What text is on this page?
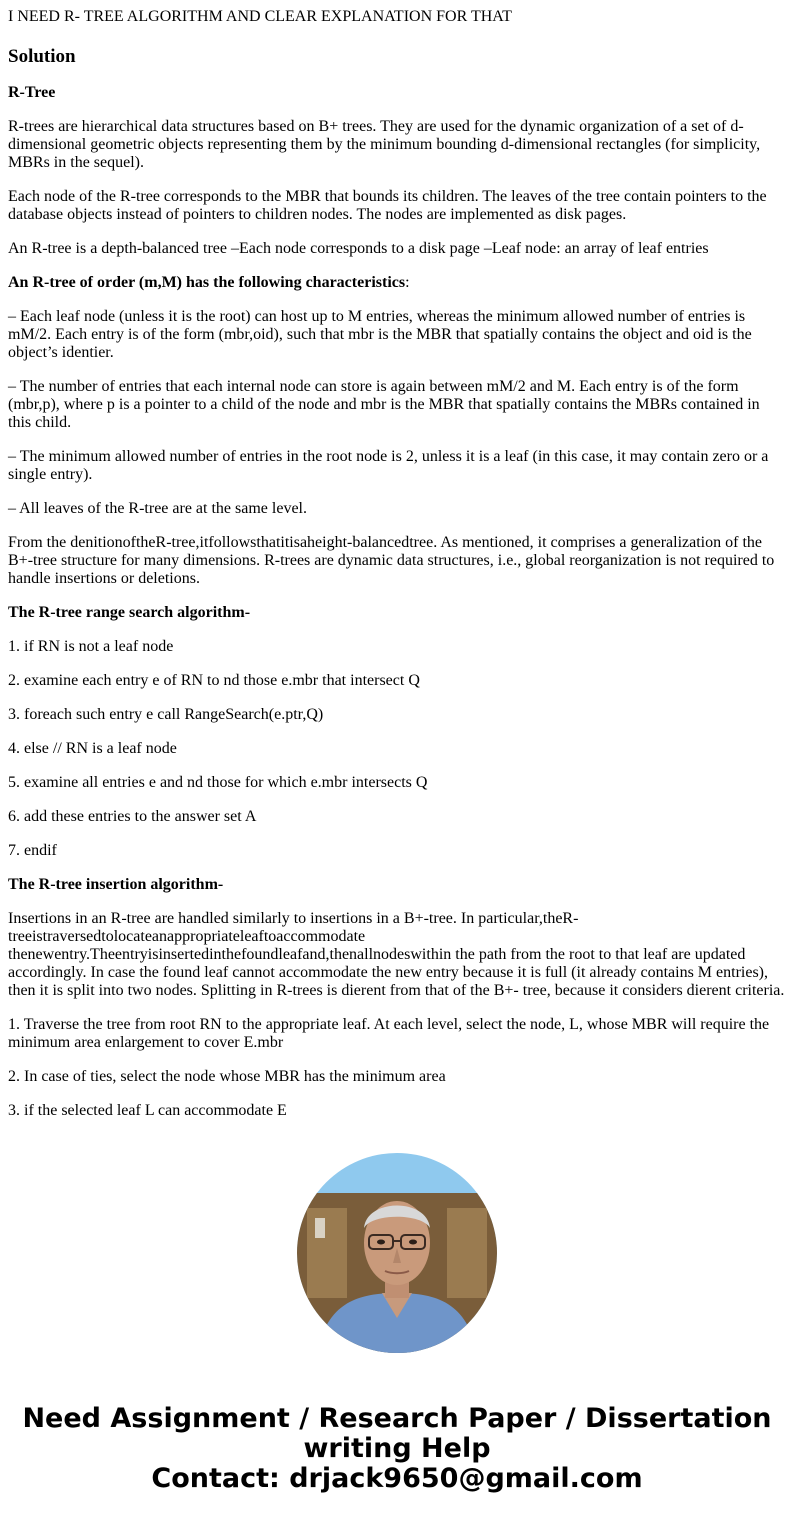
I NEED R- TREE ALGORITHM AND CLEAR EXPLANATION FOR THAT
Solution

R-Tree

R-trees are hierarchical data structures based on B+ trees. They are used for the dynamic organization of a set of d-dimensional geometric objects representing them by the minimum bounding d-dimensional rectangles (for simplicity, MBRs in the sequel).

Each node of the R-tree corresponds to the MBR that bounds its children. The leaves of the tree contain pointers to the database objects instead of pointers to children nodes. The nodes are implemented as disk pages.

An R-tree is a depth-balanced tree –Each node corresponds to a disk page –Leaf node: an array of leaf entries

An R-tree of order (m,M) has the following characteristics:

– Each leaf node (unless it is the root) can host up to M entries, whereas the minimum allowed number of entries is mM/2. Each entry is of the form (mbr,oid), such that mbr is the MBR that spatially contains the object and oid is the object’s identier.

– The number of entries that each internal node can store is again between mM/2 and M. Each entry is of the form (mbr,p), where p is a pointer to a child of the node and mbr is the MBR that spatially contains the MBRs contained in this child.

– The minimum allowed number of entries in the root node is 2, unless it is a leaf (in this case, it may contain zero or a single entry).

– All leaves of the R-tree are at the same level.

From the denitionoftheR-tree,itfollowsthatitisaheight-balancedtree. As mentioned, it comprises a generalization of the B+-tree structure for many dimensions. R-trees are dynamic data structures, i.e., global reorganization is not required to handle insertions or deletions.

The R-tree range search algorithm-

1. if RN is not a leaf node

2. examine each entry e of RN to nd those e.mbr that intersect Q

3. foreach such entry e call RangeSearch(e.ptr,Q)

4. else // RN is a leaf node

5. examine all entries e and nd those for which e.mbr intersects Q

6. add these entries to the answer set A

7. endif

The R-tree insertion algorithm-

Insertions in an R-tree are handled similarly to insertions in a B+-tree. In particular,theR-treeistraversedtolocateanappropriateleaftoaccommodate thenewentry.Theentryisinsertedinthefoundleafand,thenallnodeswithin the path from the root to that leaf are updated accordingly. In case the found leaf cannot accommodate the new entry because it is full (it already contains M entries), then it is split into two nodes. Splitting in R-trees is dierent from that of the B+- tree, because it considers dierent criteria.

1. Traverse the tree from root RN to the appropriate leaf. At each level, select the node, L, whose MBR will require the minimum area enlargement to cover E.mbr

2. In case of ties, select the node whose MBR has the minimum area

3. if the selected leaf L can accommodate E

Need Assignment / Research Paper / Dissertation
writing Help
Contact: drjack9650@gmail.com
